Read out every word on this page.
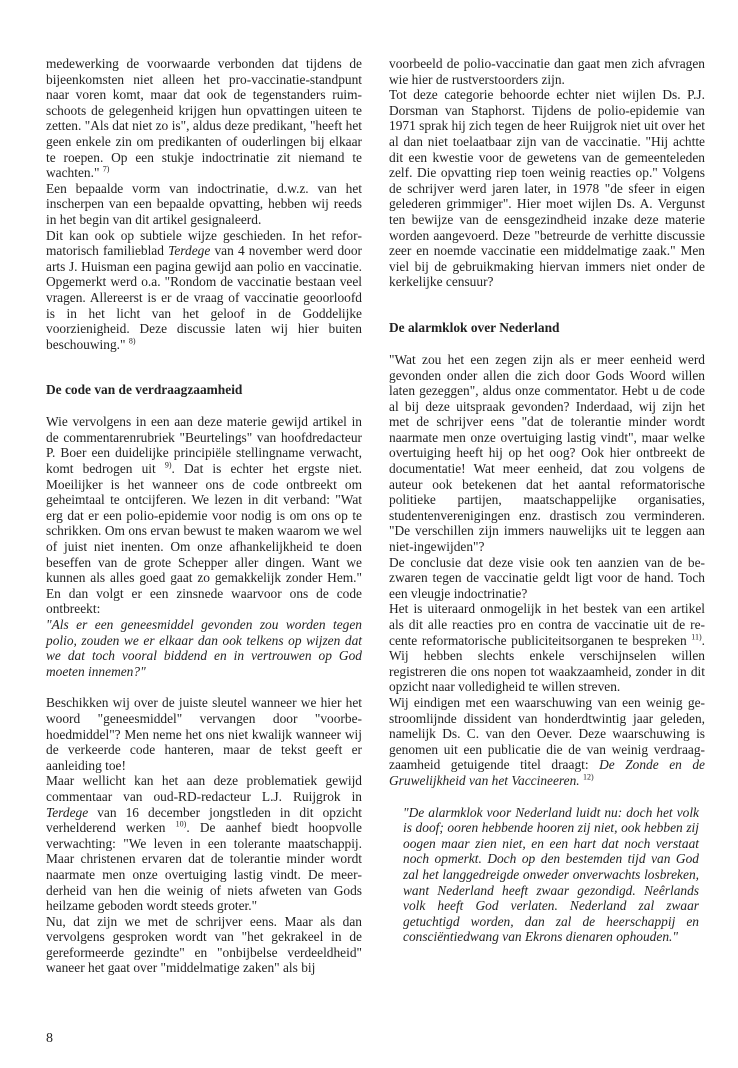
medewerking de voorwaarde verbonden dat tijdens de bijeenkomsten niet alleen het pro-vaccinatie-standpunt naar voren komt, maar dat ook de tegenstanders ruimschoots de gelegenheid krijgen hun opvattingen uiteen te zetten. "Als dat niet zo is", aldus deze predikant, "heeft het geen enkele zin om predikanten of ouderlingen bij elkaar te roepen. Op een stukje indoctrinatie zit niemand te wachten." $^{7)}$

Een bepaalde vorm van indoctrinatie, d.w.z. van het inscherpen van een bepaalde opvatting, hebben wij reeds in het begin van dit artikel gesignaleerd.

Dit kan ook op subtiele wijze geschieden. In het reformatorisch familieblad Terdege van 4 november werd door arts J. Huisman een pagina gewijd aan polio en vaccinatie. Opgemerkt werd o.a. "Rondom de vaccinatie bestaan veel vragen. Allereerst is er de vraag of vaccinatie geoorloofd is in het licht van het geloof in de Goddelijke voorzienigheid. Deze discussie laten wij hier buiten beschouwing." $^{8)}$

De code van de verdraagzaamheid

Wie vervolgens in een aan deze materie gewijd artikel in de commentarenrubriek "Beurtelings" van hoofdredacteur P. Boer een duidelijke principiële stellingname verwacht, komt bedrogen uit $^{9)}$. Dat is echter het ergste niet. Moeilijker is het wanneer ons de code ontbreekt om geheimtaal te ontcijferen. We lezen in dit verband: "Wat erg dat er een polio-epidemie voor nodig is om ons op te schrikken. Om ons ervan bewust te maken waarom we wel of juist niet inenten. Om onze afhankelijkheid te doen beseffen van de grote Schepper aller dingen. Want we kunnen als alles goed gaat zo gemakkelijk zonder Hem." En dan volgt er een zinsnede waarvoor ons de code ontbreekt:

"Als er een geneesmiddel gevonden zou worden tegen polio, zouden we er elkaar dan ook telkens op wijzen dat we dat toch vooral biddend en in vertrouwen op God moeten innemen?"

Beschikken wij over de juiste sleutel wanneer we hier het woord "geneesmiddel" vervangen door "voorbehoedmiddel"? Men neme het ons niet kwalijk wanneer wij de verkeerde code hanteren, maar de tekst geeft er aanleiding toe!

Maar wellicht kan het aan deze problematiek gewijd commentaar van oud-RD-redacteur L.J. Ruijgrok in Terdege van 16 december jongstleden in dit opzicht verhelderend werken $^{10)}$. De aanhef biedt hoopvolle verwachting: "We leven in een tolerante maatschappij. Maar christenen ervaren dat de tolerantie minder wordt naarmate men onze overtuiging lastig vindt. De meerderheid van hen die weinig of niets afweten van Gods heilzame geboden wordt steeds groter."

Nu, dat zijn we met de schrijver eens. Maar als dan vervolgens gesproken wordt van "het gekrakeel in de gereformeerde gezindte" en "onbijbelse verdeeldheid" waneer het gaat over "middelmatige zaken" als bij

voorbeeld de polio-vaccinatie dan gaat men zich afvragen wie hier de rustverstoorders zijn.

Tot deze categorie behoorde echter niet wijlen Ds. P.J. Dorsman van Staphorst. Tijdens de polio-epidemie van 1971 sprak hij zich tegen de heer Ruijgrok niet uit over het al dan niet toelaatbaar zijn van de vaccinatie. "Hij achtte dit een kwestie voor de gewetens van de gemeenteleden zelf. Die opvatting riep toen weinig reacties op." Volgens de schrijver werd jaren later, in 1978 "de sfeer in eigen gelederen grimmiger". Hier moet wijlen Ds. A. Vergunst ten bewijze van de eensgezindheid inzake deze materie worden aangevoerd. Deze "betreurde de verhitte discussie zeer en noemde vaccinatie een middelmatige zaak." Men viel bij de gebruikmaking hiervan immers niet onder de kerkelijke censuur?

De alarmklok over Nederland

"Wat zou het een zegen zijn als er meer eenheid werd gevonden onder allen die zich door Gods Woord willen laten gezeggen", aldus onze commentator. Hebt u de code al bij deze uitspraak gevonden? Inderdaad, wij zijn het met de schrijver eens "dat de tolerantie minder wordt naarmate men onze overtuiging lastig vindt", maar welke overtuiging heeft hij op het oog? Ook hier ontbreekt de documentatie! Wat meer eenheid, dat zou volgens de auteur ook betekenen dat het aantal reformatorische politieke partijen, maatschappelijke organisaties, studentenverenigingen enz. drastisch zou verminderen. "De verschillen zijn immers nauwelijks uit te leggen aan niet-ingewijden"?

De conclusie dat deze visie ook ten aanzien van de bezwaren tegen de vaccinatie geldt ligt voor de hand. Toch een vleugje indoctrinatie?

Het is uiteraard onmogelijk in het bestek van een artikel als dit alle reacties pro en contra de vaccinatie uit de recente reformatorische publiciteitsorganen te bespreken $^{11)}$. Wij hebben slechts enkele verschijnselen willen registreren die ons nopen tot waakzaamheid, zonder in dit opzicht naar volledigheid te willen streven.

Wij eindigen met een waarschuwing van een weinig gestroomlijnde dissident van honderdtwintig jaar geleden, namelijk Ds. C. van den Oever. Deze waarschuwing is genomen uit een publicatie die de van weinig verdraagzaamheid getuigende titel draagt: De Zonde en de Gruwelijkheid van het Vaccineeren. $^{12)}$

"De alarmklok voor Nederland luidt nu: doch het volk is doof; ooren hebbende hooren zij niet, ook hebben zij oogen maar zien niet, en een hart dat noch verstaat noch opmerkt. Doch op den bestemden tijd van God zal het langgedreigde onweder onverwachts losbreken, want Nederland heeft zwaar gezondigd. Neêrlands volk heeft God verlaten. Nederland zal zwaar getuchtigd worden, dan zal de heerschappij en consciëntiedwang van Ekrons dienaren ophouden."

8
